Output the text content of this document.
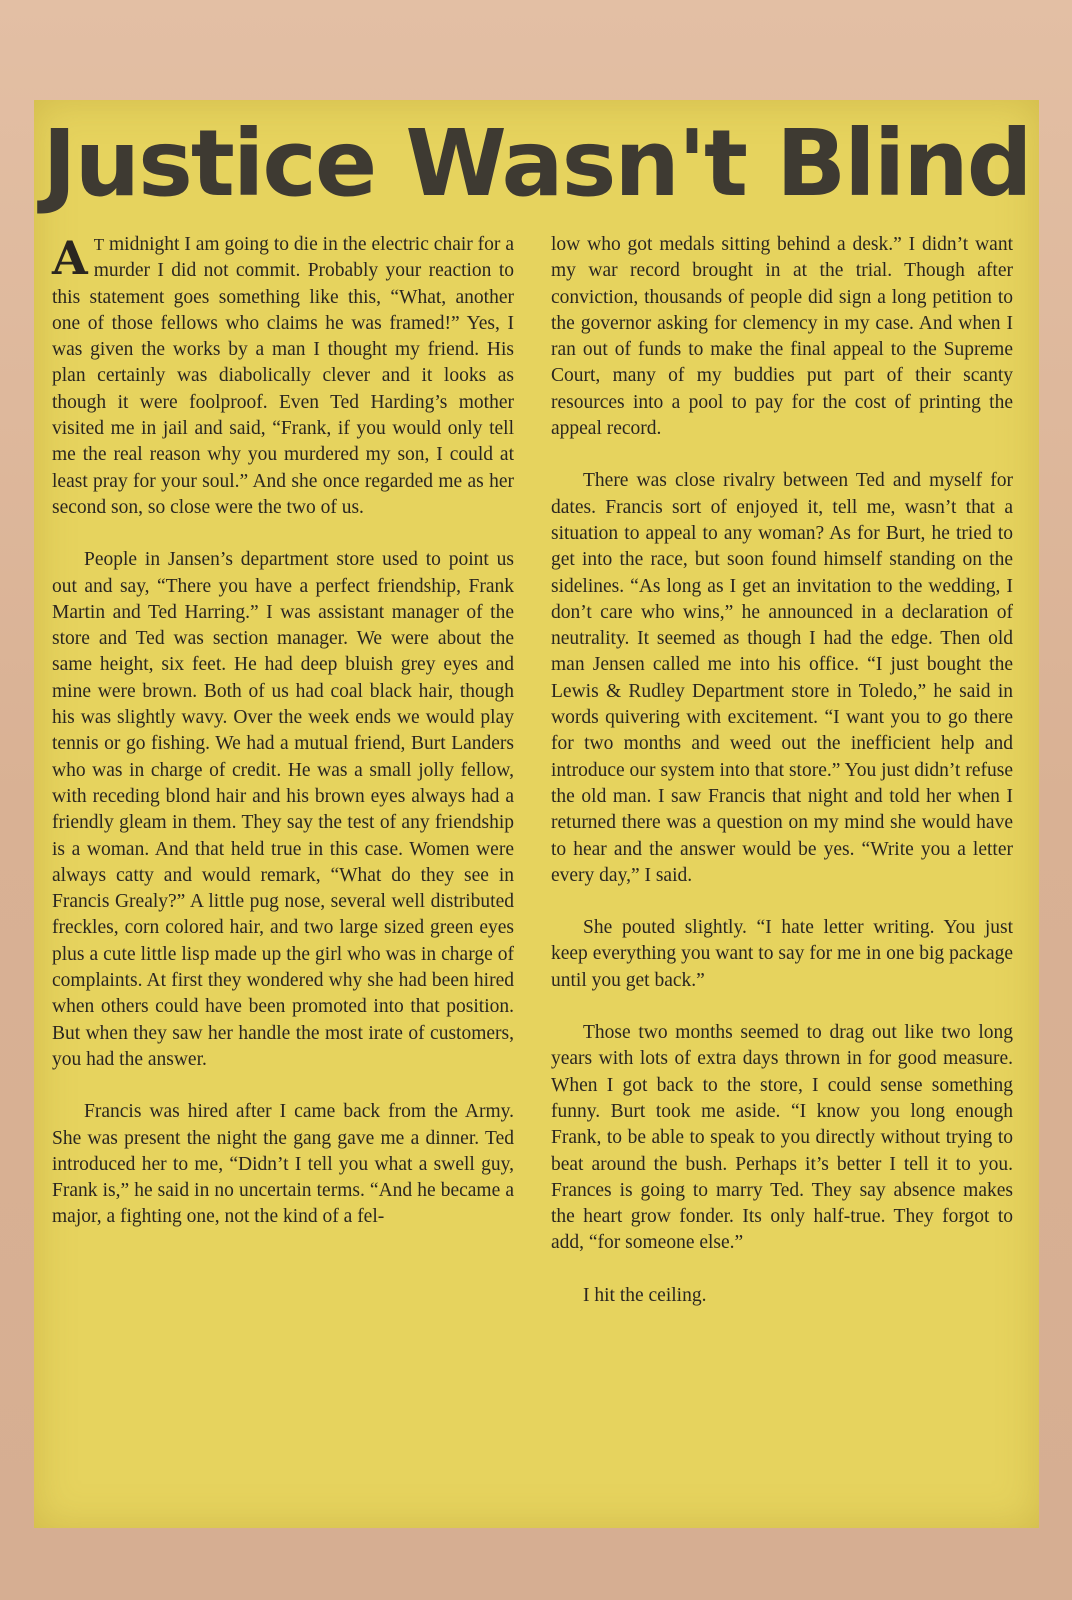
Justice Wasn't Blind

A T midnight I am going to die in the electric chair for a murder I did not commit. Probably your reaction to this statement goes something like this, “What, another one of those fellows who claims he was framed!” Yes, I was given the works by a man I thought my friend. His plan certainly was diabolically clever and it looks as though it were foolproof. Even Ted Harding’s mother visited me in jail and said, “Frank, if you would only tell me the real reason why you murdered my son, I could at least pray for your soul.” And she once regarded me as her second son, so close were the two of us.

People in Jansen’s department store used to point us out and say, “There you have a perfect friendship, Frank Martin and Ted Harring.” I was assistant manager of the store and Ted was section manager. We were about the same height, six feet. He had deep bluish grey eyes and mine were brown. Both of us had coal black hair, though his was slightly wavy. Over the week ends we would play tennis or go fishing. We had a mutual friend, Burt Landers who was in charge of credit. He was a small jolly fellow, with receding blond hair and his brown eyes always had a friendly gleam in them. They say the test of any friendship is a woman. And that held true in this case. Women were always catty and would remark, “What do they see in Francis Grealy?” A little pug nose, several well distributed freckles, corn colored hair, and two large sized green eyes plus a cute little lisp made up the girl who was in charge of complaints. At first they wondered why she had been hired when others could have been promoted into that position. But when they saw her handle the most irate of customers, you had the answer.

Francis was hired after I came back from the Army. She was present the night the gang gave me a dinner. Ted introduced her to me, “Didn’t I tell you what a swell guy, Frank is,” he said in no uncertain terms. “And he became a major, a fighting one, not the kind of a fel-

low who got medals sitting behind a desk.” I didn’t want my war record brought in at the trial. Though after conviction, thousands of people did sign a long petition to the governor asking for clemency in my case. And when I ran out of funds to make the final appeal to the Supreme Court, many of my buddies put part of their scanty resources into a pool to pay for the cost of printing the appeal record.

There was close rivalry between Ted and myself for dates. Francis sort of enjoyed it, tell me, wasn’t that a situation to appeal to any woman? As for Burt, he tried to get into the race, but soon found himself standing on the sidelines. “As long as I get an invitation to the wedding, I don’t care who wins,” he announced in a declaration of neutrality. It seemed as though I had the edge. Then old man Jensen called me into his office. “I just bought the Lewis & Rudley Department store in Toledo,” he said in words quivering with excitement. “I want you to go there for two months and weed out the inefficient help and introduce our system into that store.” You just didn’t refuse the old man. I saw Francis that night and told her when I returned there was a question on my mind she would have to hear and the answer would be yes. “Write you a letter every day,” I said.

She pouted slightly. “I hate letter writing. You just keep everything you want to say for me in one big package until you get back.”

Those two months seemed to drag out like two long years with lots of extra days thrown in for good measure. When I got back to the store, I could sense something funny. Burt took me aside. “I know you long enough Frank, to be able to speak to you directly without trying to beat around the bush. Perhaps it’s better I tell it to you. Frances is going to marry Ted. They say absence makes the heart grow fonder. Its only half-true. They forgot to add, “for someone else.”

I hit the ceiling.
